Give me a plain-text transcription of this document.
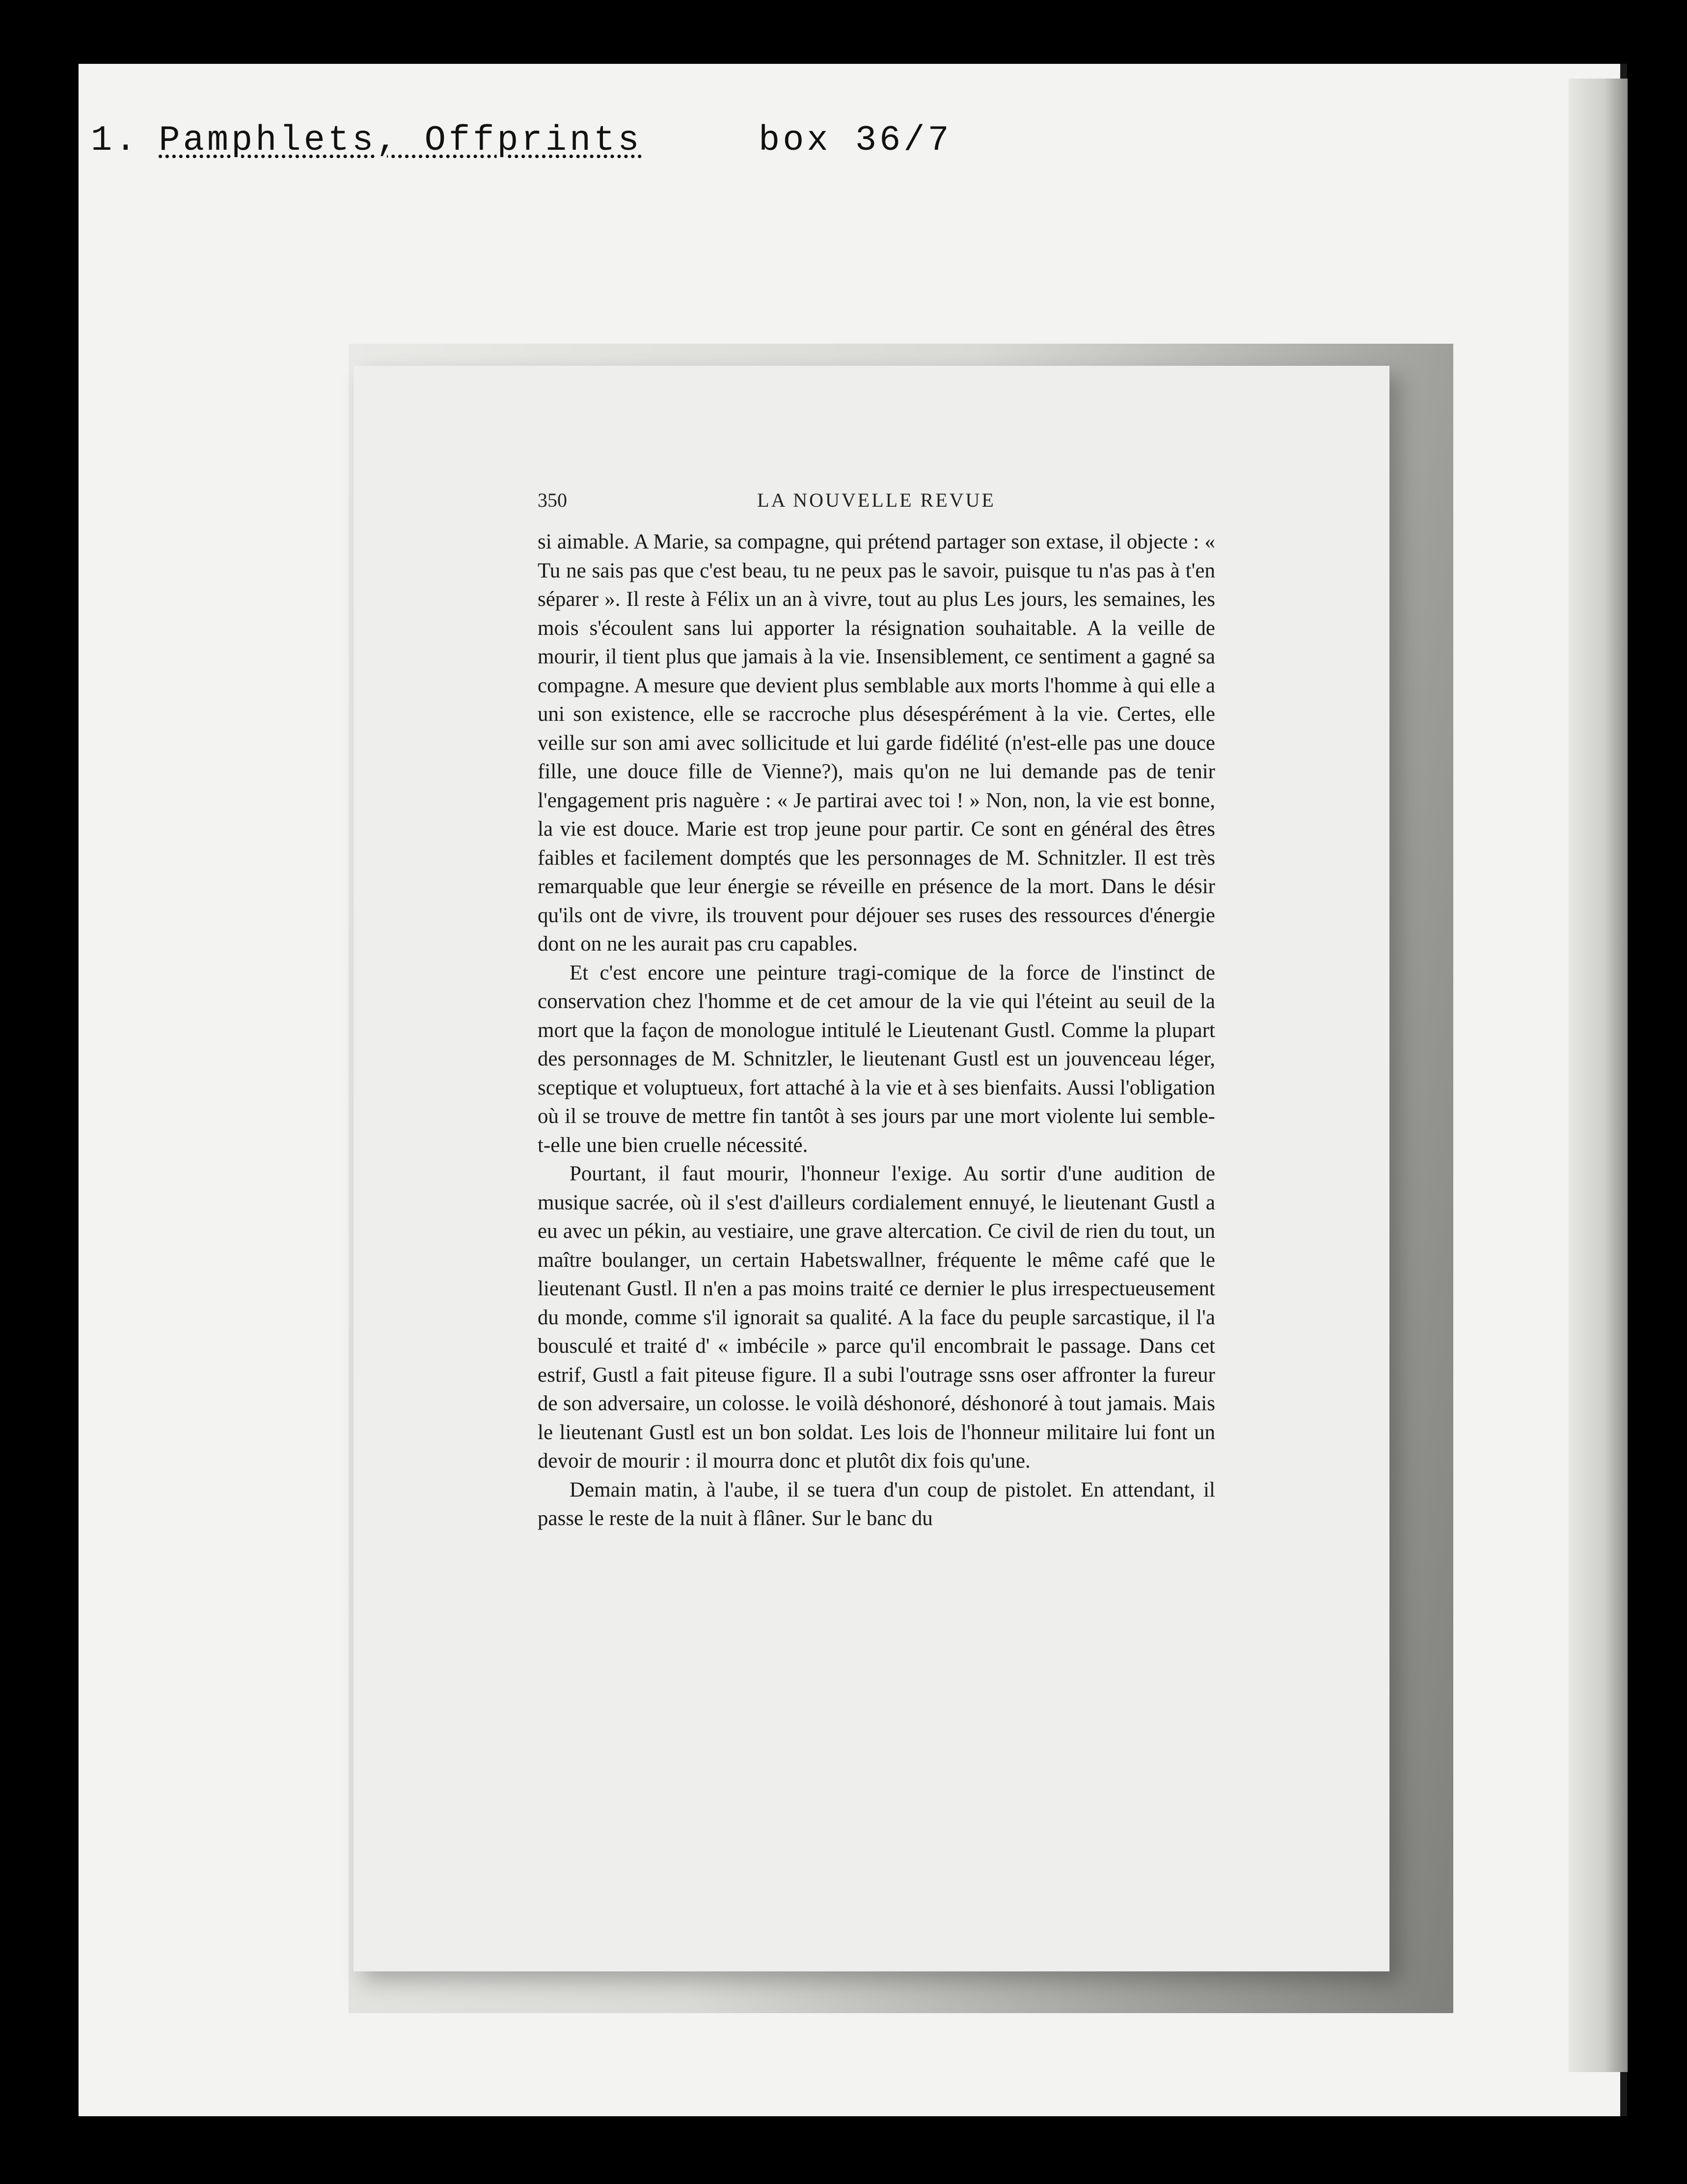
1. Pamphlets, Offprints	box 36/7
350	LA NOUVELLE REVUE

si aimable. A Marie, sa compagne, qui prétend partager son extase, il objecte : « Tu ne sais pas que c'est beau, tu ne peux pas le savoir, puisque tu n'as pas à t'en séparer ». Il reste à Félix un an à vivre, tout au plus Les jours, les semaines, les mois s'écoulent sans lui apporter la résignation souhaitable. A la veille de mourir, il tient plus que jamais à la vie. Insensiblement, ce sentiment a gagné sa compagne. A mesure que devient plus semblable aux morts l'homme à qui elle a uni son existence, elle se raccroche plus désespérément à la vie. Certes, elle veille sur son ami avec sollicitude et lui garde fidélité (n'est-elle pas une douce fille, une douce fille de Vienne?), mais qu'on ne lui demande pas de tenir l'engagement pris naguère : « Je partirai avec toi ! » Non, non, la vie est bonne, la vie est douce. Marie est trop jeune pour partir. Ce sont en général des êtres faibles et facilement domptés que les personnages de M. Schnitzler. Il est très remarquable que leur énergie se réveille en présence de la mort. Dans le désir qu'ils ont de vivre, ils trouvent pour déjouer ses ruses des ressources d'énergie dont on ne les aurait pas cru capables.

Et c'est encore une peinture tragi-comique de la force de l'instinct de conservation chez l'homme et de cet amour de la vie qui l'éteint au seuil de la mort que la façon de monologue intitulé le Lieutenant Gustl. Comme la plupart des personnages de M. Schnitzler, le lieutenant Gustl est un jouvenceau léger, sceptique et voluptueux, fort attaché à la vie et à ses bienfaits. Aussi l'obligation où il se trouve de mettre fin tantôt à ses jours par une mort violente lui semble-t-elle une bien cruelle nécessité.

Pourtant, il faut mourir, l'honneur l'exige. Au sortir d'une audition de musique sacrée, où il s'est d'ailleurs cordialement ennuyé, le lieutenant Gustl a eu avec un pékin, au vestiaire, une grave altercation. Ce civil de rien du tout, un maître boulanger, un certain Habetswallner, fréquente le même café que le lieutenant Gustl. Il n'en a pas moins traité ce dernier le plus irrespectueusement du monde, comme s'il ignorait sa qualité. A la face du peuple sarcastique, il l'a bousculé et traité d' « imbécile » parce qu'il encombrait le passage. Dans cet estrif, Gustl a fait piteuse figure. Il a subi l'outrage ssns oser affronter la fureur de son adversaire, un colosse. le voilà déshonoré, déshonoré à tout jamais. Mais le lieutenant Gustl est un bon soldat. Les lois de l'honneur militaire lui font un devoir de mourir : il mourra donc et plutôt dix fois qu'une.

Demain matin, à l'aube, il se tuera d'un coup de pistolet. En attendant, il passe le reste de la nuit à flâner. Sur le banc du
